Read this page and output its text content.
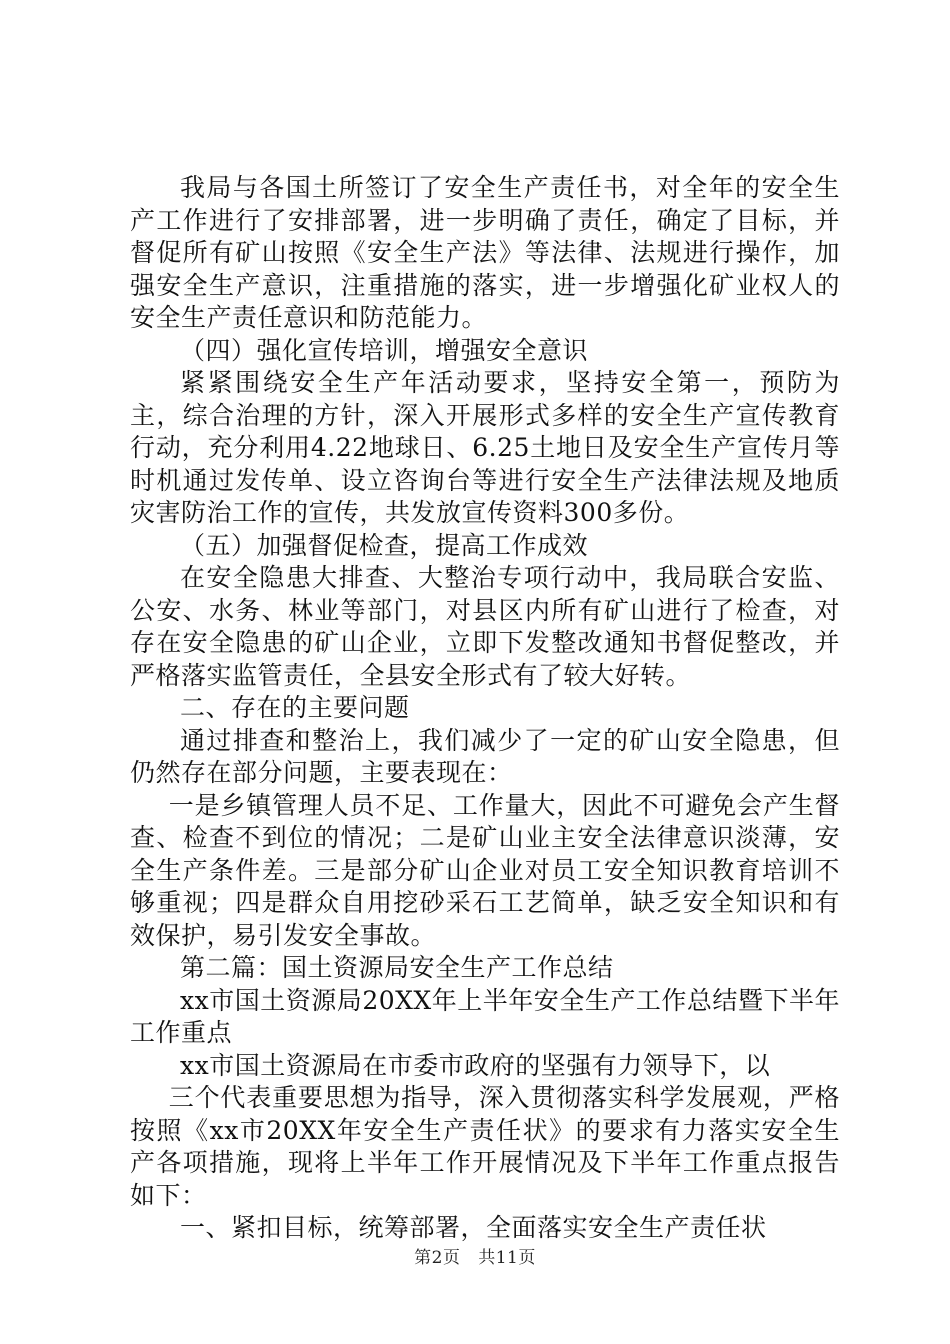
我局与各国土所签订了安全生产责任书，对全年的安全生产工作进行了安排部署，进一步明确了责任，确定了目标，并督促所有矿山按照《安全生产法》等法律、法规进行操作，加强安全生产意识，注重措施的落实，进一步增强化矿业权人的安全生产责任意识和防范能力。

（四）强化宣传培训，增强安全意识

紧紧围绕安全生产年活动要求，坚持安全第一，预防为主，综合治理的方针，深入开展形式多样的安全生产宣传教育行动，充分利用4.22地球日、6.25土地日及安全生产宣传月等时机通过发传单、设立咨询台等进行安全生产法律法规及地质灾害防治工作的宣传，共发放宣传资料300多份。

（五）加强督促检查，提高工作成效

在安全隐患大排查、大整治专项行动中，我局联合安监、公安、水务、林业等部门，对县区内所有矿山进行了检查，对存在安全隐患的矿山企业，立即下发整改通知书督促整改，并严格落实监管责任，全县安全形式有了较大好转。

二、存在的主要问题

通过排查和整治上，我们减少了一定的矿山安全隐患，但仍然存在部分问题，主要表现在：

一是乡镇管理人员不足、工作量大，因此不可避免会产生督查、检查不到位的情况；二是矿山业主安全法律意识淡薄，安全生产条件差。三是部分矿山企业对员工安全知识教育培训不够重视；四是群众自用挖砂采石工艺简单，缺乏安全知识和有效保护，易引发安全事故。

第二篇：国土资源局安全生产工作总结

xx市国土资源局20XX年上半年安全生产工作总结暨下半年工作重点

xx市国土资源局在市委市政府的坚强有力领导下，以

三个代表重要思想为指导，深入贯彻落实科学发展观，严格按照《xx市20XX年安全生产责任状》的要求有力落实安全生产各项措施，现将上半年工作开展情况及下半年工作重点报告如下：

一、紧扣目标，统筹部署，全面落实安全生产责任状

第2页 共11页
